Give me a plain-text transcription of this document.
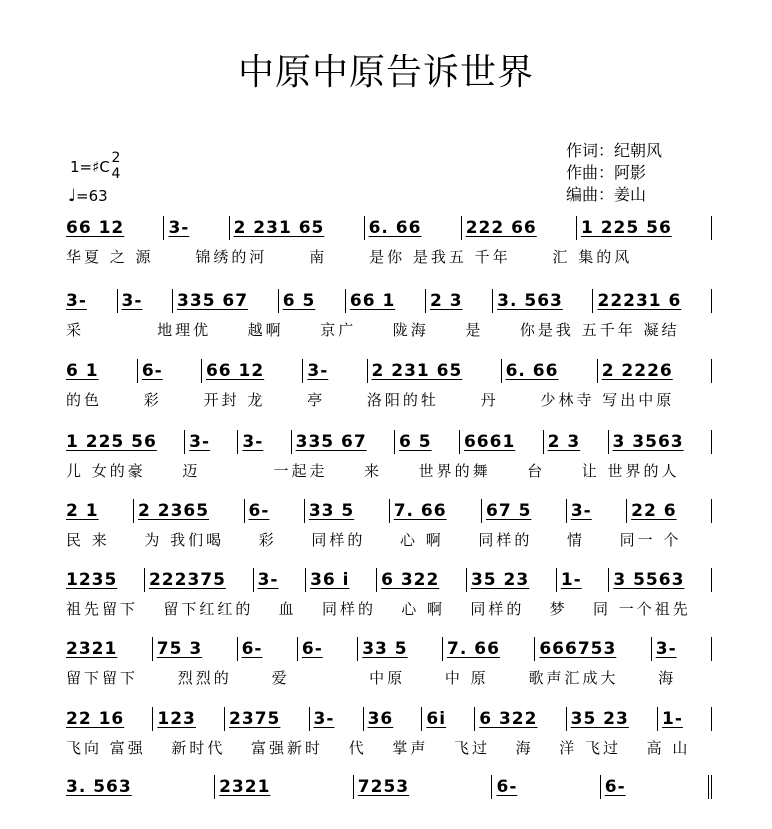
中原中原告诉世界
作词：纪朝风
作曲：阿影
编曲：姜山
1=♯C 2
4
♩=63
66 12	3-	2 231 65	6. 66	222 66	1 225 56
华夏 之 源	锦绣的河	南	是你 是我五 千年	汇 集的风
3-	3-	335 67	6 5	66 1	2 3	3. 563	22231 6
采	地理优	越啊	京广	陇海	是	你是我 五千年 凝结
6 1	6-	66 12	3-	2 231 65	6. 66	2 2226
的色	彩	开封 龙	亭	洛阳的牡	丹	少林寺 写出中原
1 225 56	3-	3-	335 67	6 5	6661	2 3	3 3563
儿 女的豪	迈	一起走	来	世界的舞	台	让 世界的人
2 1	2 2365	6-	33 5	7. 66	67 5	3-	22 6
民 来	为 我们喝	彩	同样的	心 啊	同样的	情	同一 个
1235	222375	3-	36 i	6 322	35 23	1-	3 5563
祖先留下	留下红红的	血	同样的	心 啊	同样的	梦	同 一个祖先
2321	75 3	6-	6-	33 5	7. 66	666753	3-
留下留下	烈烈的	爱	中原	中 原	歌声汇成大	海
22 16	123	2375	3-	36	6i	6 322	35 23	1-
飞向 富强	新时代	富强新时	代	掌声	飞过	海	洋 飞过	高 山
3. 563	2321	7253	6-	6-
